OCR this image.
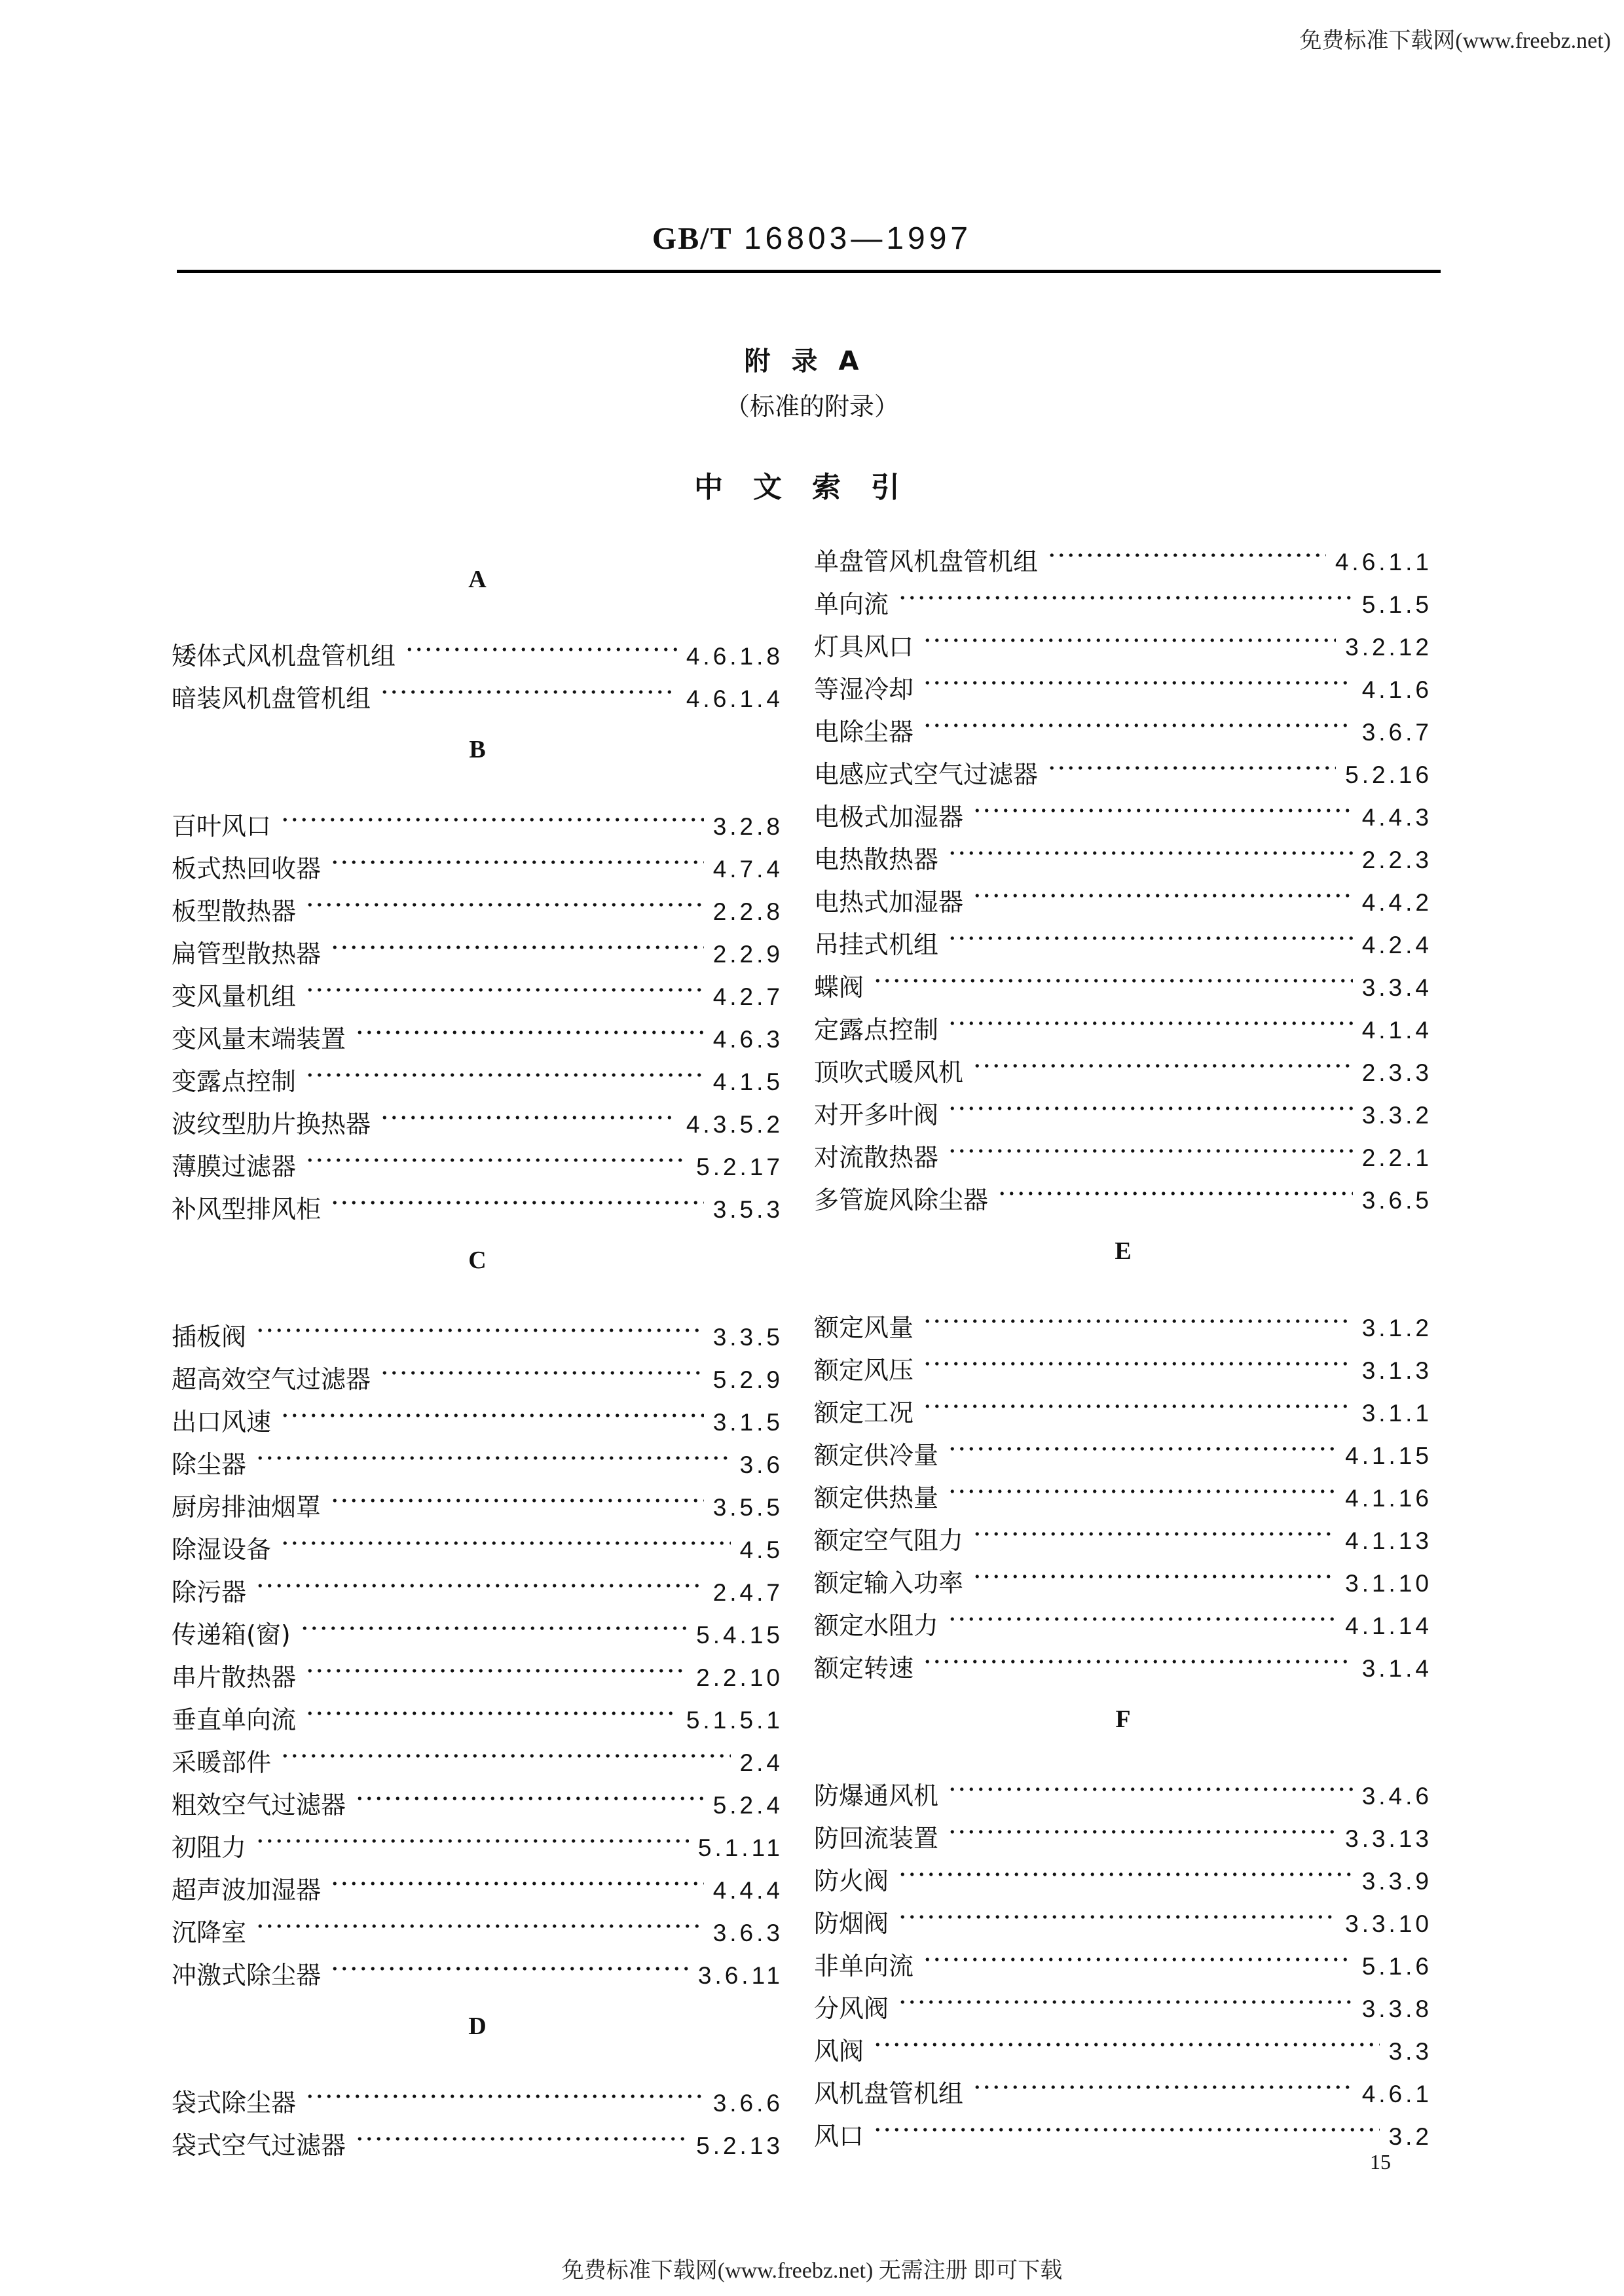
免费标准下载网(www.freebz.net)
GB/T 16803—1997
附录A
（标准的附录）
中文索引
A
矮体式风机盘管机组	4.6.1.8
暗装风机盘管机组	4.6.1.4
B
百叶风口	3.2.8
板式热回收器	4.7.4
板型散热器	2.2.8
扁管型散热器	2.2.9
变风量机组	4.2.7
变风量末端装置	4.6.3
变露点控制	4.1.5
波纹型肋片换热器	4.3.5.2
薄膜过滤器	5.2.17
补风型排风柜	3.5.3
C
插板阀	3.3.5
超高效空气过滤器	5.2.9
出口风速	3.1.5
除尘器	3.6
厨房排油烟罩	3.5.5
除湿设备	4.5
除污器	2.4.7
传递箱(窗)	5.4.15
串片散热器	2.2.10
垂直单向流	5.1.5.1
采暖部件	2.4
粗效空气过滤器	5.2.4
初阻力	5.1.11
超声波加湿器	4.4.4
沉降室	3.6.3
冲激式除尘器	3.6.11
D
袋式除尘器	3.6.6
袋式空气过滤器	5.2.13
单盘管风机盘管机组	4.6.1.1
单向流	5.1.5
灯具风口	3.2.12
等湿冷却	4.1.6
电除尘器	3.6.7
电感应式空气过滤器	5.2.16
电极式加湿器	4.4.3
电热散热器	2.2.3
电热式加湿器	4.4.2
吊挂式机组	4.2.4
蝶阀	3.3.4
定露点控制	4.1.4
顶吹式暖风机	2.3.3
对开多叶阀	3.3.2
对流散热器	2.2.1
多管旋风除尘器	3.6.5
E
额定风量	3.1.2
额定风压	3.1.3
额定工况	3.1.1
额定供冷量	4.1.15
额定供热量	4.1.16
额定空气阻力	4.1.13
额定输入功率	3.1.10
额定水阻力	4.1.14
额定转速	3.1.4
F
防爆通风机	3.4.6
防回流装置	3.3.13
防火阀	3.3.9
防烟阀	3.3.10
非单向流	5.1.6
分风阀	3.3.8
风阀	3.3
风机盘管机组	4.6.1
风口	3.2
15
免费标准下载网(www.freebz.net) 无需注册 即可下载
